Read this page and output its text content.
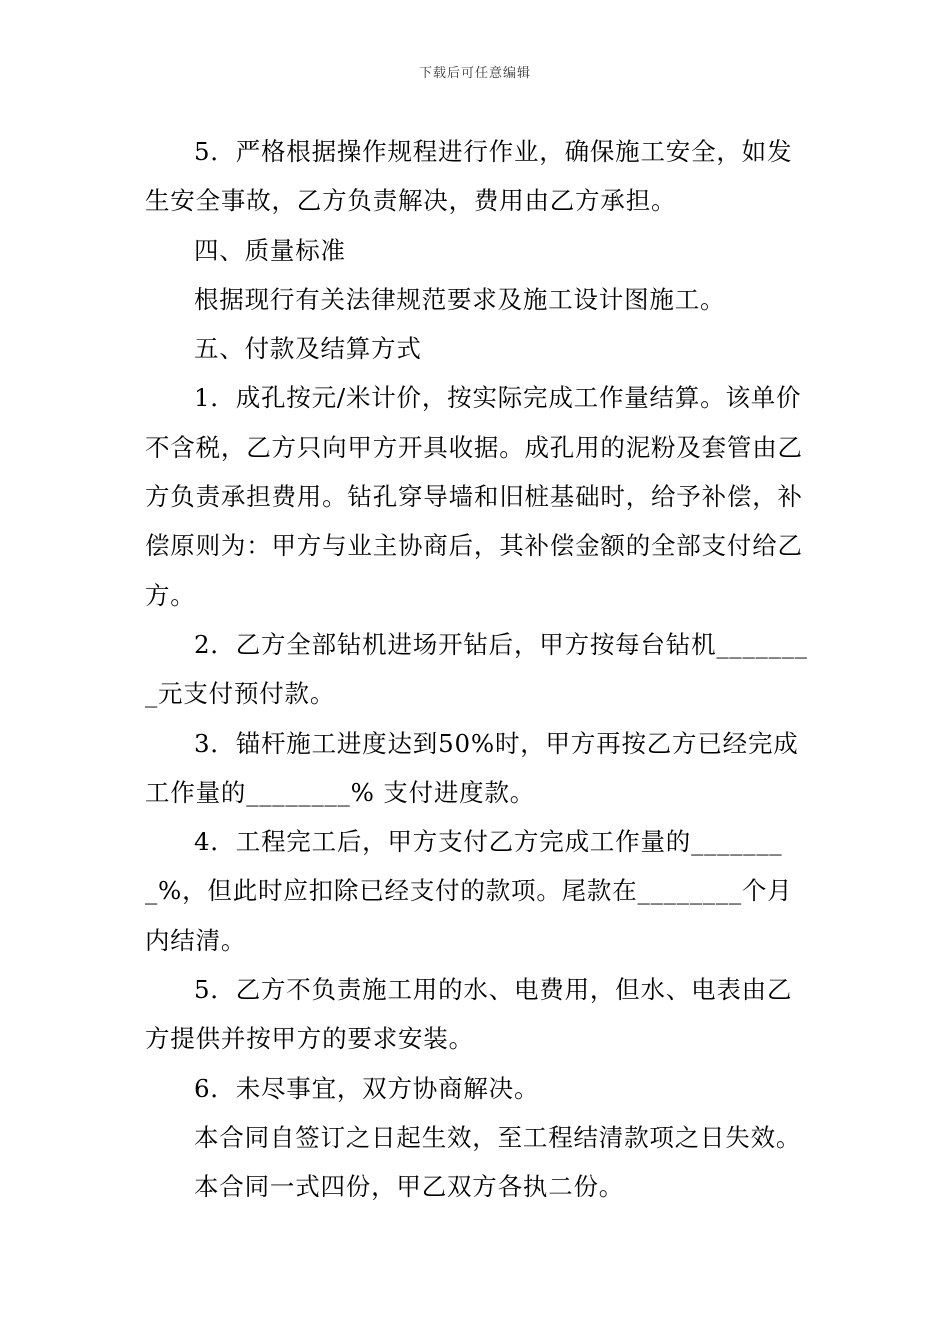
下载后可任意编辑

5．严格根据操作规程进行作业，确保施工安全，如发生安全事故，乙方负责解决，费用由乙方承担。

四、质量标准

根据现行有关法律规范要求及施工设计图施工。

五、付款及结算方式

1．成孔按元/米计价，按实际完成工作量结算。该单价不含税，乙方只向甲方开具收据。成孔用的泥粉及套管由乙方负责承担费用。钻孔穿导墙和旧桩基础时，给予补偿，补偿原则为：甲方与业主协商后，其补偿金额的全部支付给乙方。

2．乙方全部钻机进场开钻后，甲方按每台钻机________元支付预付款。

3．锚杆施工进度达到50%时，甲方再按乙方已经完成工作量的________% 支付进度款。

4．工程完工后，甲方支付乙方完成工作量的________%，但此时应扣除已经支付的款项。尾款在________个月内结清。

5．乙方不负责施工用的水、电费用，但水、电表由乙方提供并按甲方的要求安装。

6．未尽事宜，双方协商解决。

本合同自签订之日起生效，至工程结清款项之日失效。

本合同一式四份，甲乙双方各执二份。
